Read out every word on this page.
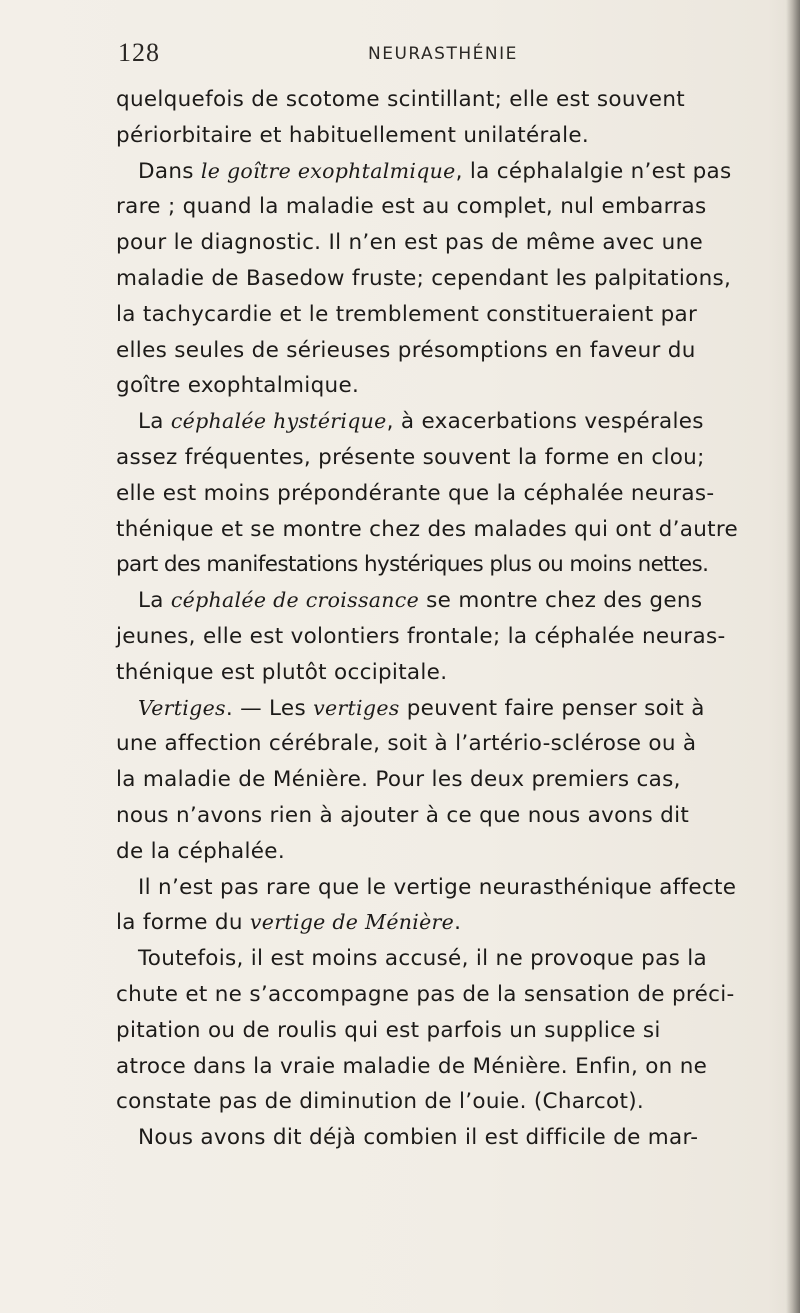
128	NEURASTHÉNIE
quelquefois de scotome scintillant; elle est souvent
périorbitaire et habituellement unilatérale.
Dans le goître exophtalmique, la céphalalgie n’est pas
rare ; quand la maladie est au complet, nul embarras
pour le diagnostic. Il n’en est pas de même avec une
maladie de Basedow fruste; cependant les palpitations,
la tachycardie et le tremblement constitueraient par
elles seules de sérieuses présomptions en faveur du
goître exophtalmique.
La céphalée hystérique, à exacerbations vespérales
assez fréquentes, présente souvent la forme en clou;
elle est moins prépondérante que la céphalée neuras-
thénique et se montre chez des malades qui ont d’autre
part des manifestations hystériques plus ou moins nettes.
La céphalée de croissance se montre chez des gens
jeunes, elle est volontiers frontale; la céphalée neuras-
thénique est plutôt occipitale.
Vertiges. — Les vertiges peuvent faire penser soit à
une affection cérébrale, soit à l’artério-sclérose ou à
la maladie de Ménière. Pour les deux premiers cas,
nous n’avons rien à ajouter à ce que nous avons dit
de la céphalée.
Il n’est pas rare que le vertige neurasthénique affecte
la forme du vertige de Ménière.
Toutefois, il est moins accusé, il ne provoque pas la
chute et ne s’accompagne pas de la sensation de préci-
pitation ou de roulis qui est parfois un supplice si
atroce dans la vraie maladie de Ménière. Enfin, on ne
constate pas de diminution de l’ouie. (Charcot).
Nous avons dit déjà combien il est difficile de mar-
